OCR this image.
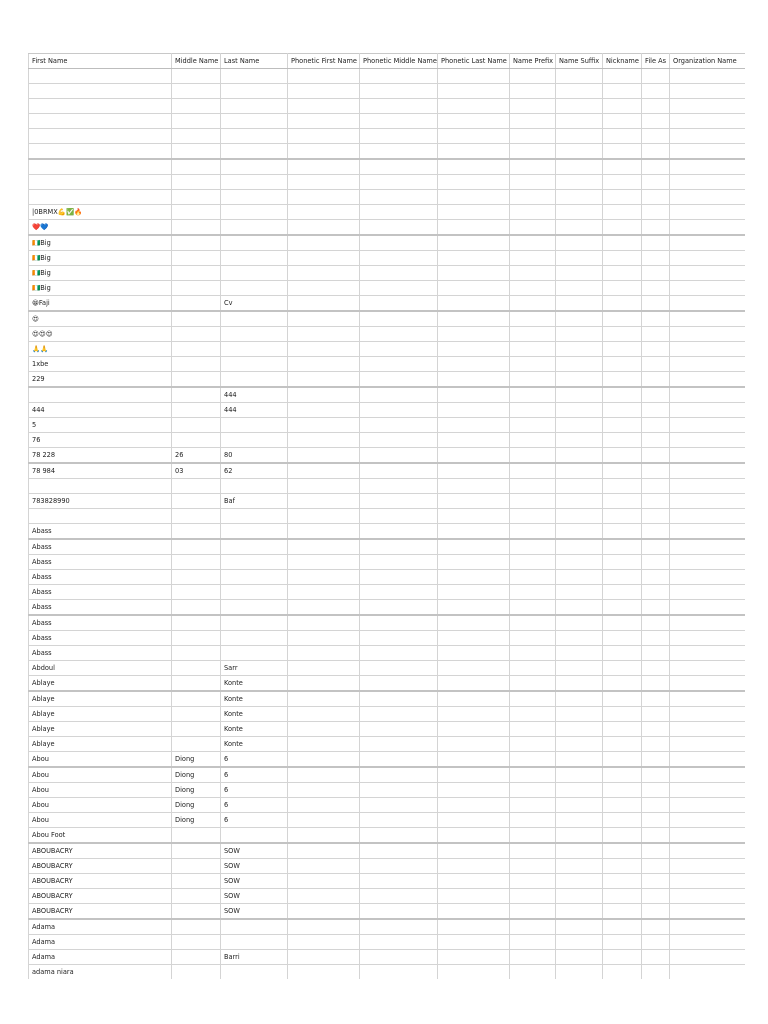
First Name	Middle Name	Last Name	Phonetic First Name	Phonetic Middle Name	Phonetic Last Name	Name Prefix	Name Suffix	Nickname	File As	Organization Name

|0BRMX💪✅🔥										
❤️💙										
🇨🇮Big										
🇨🇮Big										
🇨🇮Big										
🇨🇮Big										
😁Faji		Cv								
😍										
😍😍😍										
🙏🙏										
1xbe										
229										
		444								
444		444								
5										
76										
78 228	26	80								
78 984	03	62								

783828990		Baf								

Abass										
Abass										
Abass										
Abass										
Abass										
Abass										
Abass										
Abass										
Abass										
Abdoul		Sarr								
Ablaye		Konte								
Ablaye		Konte								
Ablaye		Konte								
Ablaye		Konte								
Ablaye		Konte								
Abou	Diong	6								
Abou	Diong	6								
Abou	Diong	6								
Abou	Diong	6								
Abou	Diong	6								
Abou Foot										
ABOUBACRY		SOW								
ABOUBACRY		SOW								
ABOUBACRY		SOW								
ABOUBACRY		SOW								
ABOUBACRY		SOW								
Adama										
Adama										
Adama		Barri								
adama niara										
